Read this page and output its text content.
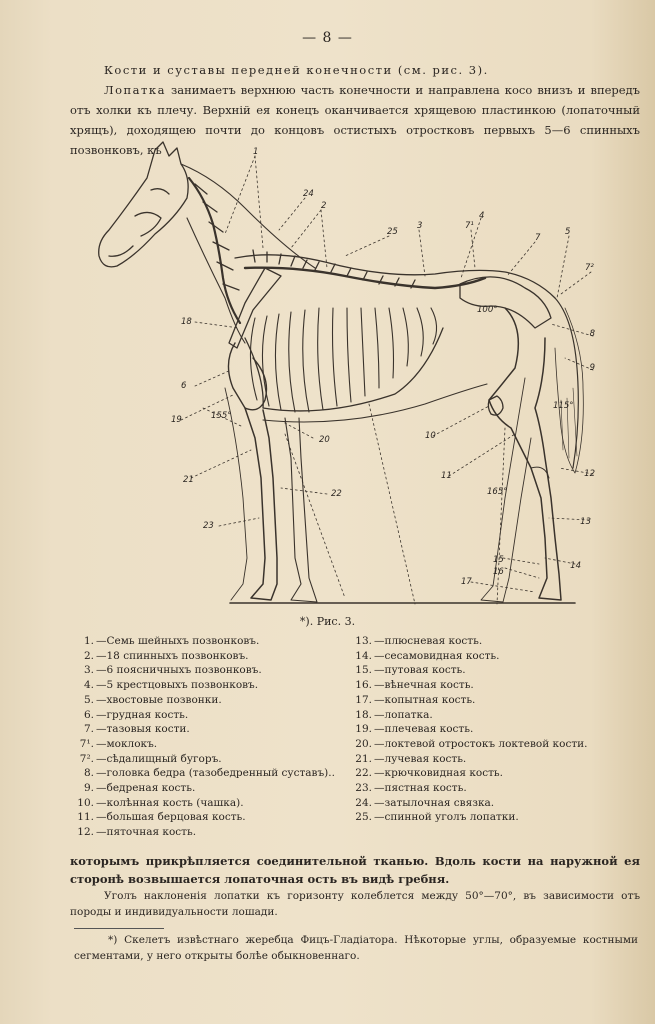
— 8 —
Кости и суставы передней конечности (см. рис. 3).
Лопатка занимаетъ верхнюю часть конечности и направлена косо внизъ и впередъ отъ холки къ плечу. Верхній ея конецъ оканчивается хрящевою пластинкою (лопаточный хрящъ), доходящею почти до концовъ остистыхъ отростковъ первыхъ 5—6 спинныхъ позвонковъ, къ	1
2
24
25
3	7¹
4
7
5
7²
8
9
18
6
19	155°
20	10
11	12
21
22	165°
13
23
15
16
14
17
100°
115°
*). Рис. 3.
1. —Семь шейныхъ позвонковъ.
2. —18 спинныхъ позвонковъ.
3. —6 поясничныхъ позвонковъ.
4. —5 крестцовыхъ позвонковъ.
5. —хвостовые позвонки.
6. —грудная кость.
7. —тазовыя кости.
7¹. —моклокъ.
7². —сѣдалищный бугоръ.
8. —головка бедра (тазобедренный суставъ)..
9. —бедреная кость.
10. —колѣнная кость (чашка).
11. —большая берцовая кость.
12. —пяточная кость.
13. —плюсневая кость.
14. —сесамовидная кость.
15. —путовая кость.
16. —вѣнечная кость.
17. —копытная кость.
18. —лопатка.
19. —плечевая кость.
20. —локтевой отростокъ локтевой кости.
21. —лучевая кость.
22. —крючковидная кость.
23. —пястная кость.
24. —затылочная связка.
25. —спинной уголъ лопатки.
которымъ прикрѣпляется соединительной тканью. Вдоль кости на наружной ея сторонѣ возвышается лопаточная ость въ видѣ гребня.
Уголъ наклоненія лопатки къ горизонту колеблется между 50°—70°, въ зависимости отъ породы и индивидуальности лошади.
*) Скелетъ извѣстнаго жеребца Фицъ-Гладіатора. Нѣкоторые углы, образуемые костными сегментами, у него открыты болѣе обыкновеннаго.
